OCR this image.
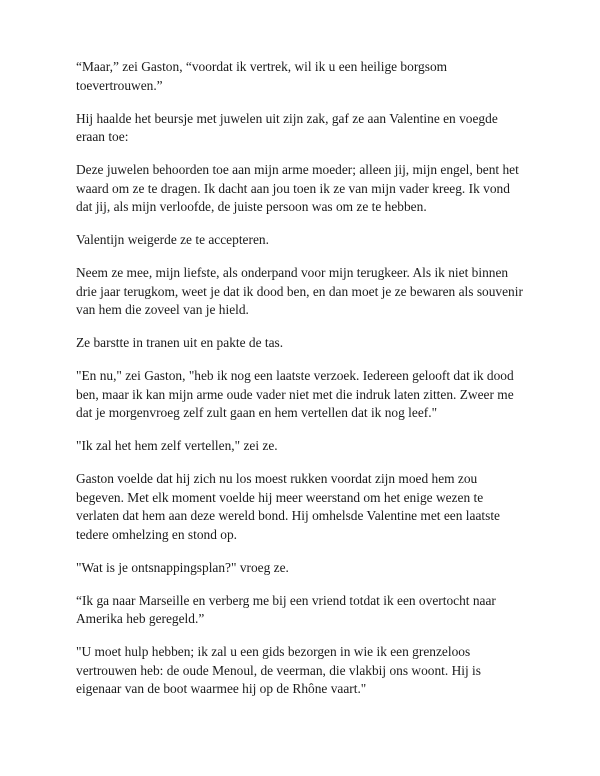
“Maar,” zei Gaston, “voordat ik vertrek, wil ik u een heilige borgsom toevertrouwen.”

Hij haalde het beursje met juwelen uit zijn zak, gaf ze aan Valentine en voegde eraan toe:

Deze juwelen behoorden toe aan mijn arme moeder; alleen jij, mijn engel, bent het waard om ze te dragen. Ik dacht aan jou toen ik ze van mijn vader kreeg. Ik vond dat jij, als mijn verloofde, de juiste persoon was om ze te hebben.

Valentijn weigerde ze te accepteren.

Neem ze mee, mijn liefste, als onderpand voor mijn terugkeer. Als ik niet binnen drie jaar terugkom, weet je dat ik dood ben, en dan moet je ze bewaren als souvenir van hem die zoveel van je hield.

Ze barstte in tranen uit en pakte de tas.

"En nu," zei Gaston, "heb ik nog een laatste verzoek. Iedereen gelooft dat ik dood ben, maar ik kan mijn arme oude vader niet met die indruk laten zitten. Zweer me dat je morgenvroeg zelf zult gaan en hem vertellen dat ik nog leef."

"Ik zal het hem zelf vertellen," zei ze.

Gaston voelde dat hij zich nu los moest rukken voordat zijn moed hem zou begeven. Met elk moment voelde hij meer weerstand om het enige wezen te verlaten dat hem aan deze wereld bond. Hij omhelsde Valentine met een laatste tedere omhelzing en stond op.

"Wat is je ontsnappingsplan?" vroeg ze.

“Ik ga naar Marseille en verberg me bij een vriend totdat ik een overtocht naar Amerika heb geregeld.”

"U moet hulp hebben; ik zal u een gids bezorgen in wie ik een grenzeloos vertrouwen heb: de oude Menoul, de veerman, die vlakbij ons woont. Hij is eigenaar van de boot waarmee hij op de Rhône vaart."
